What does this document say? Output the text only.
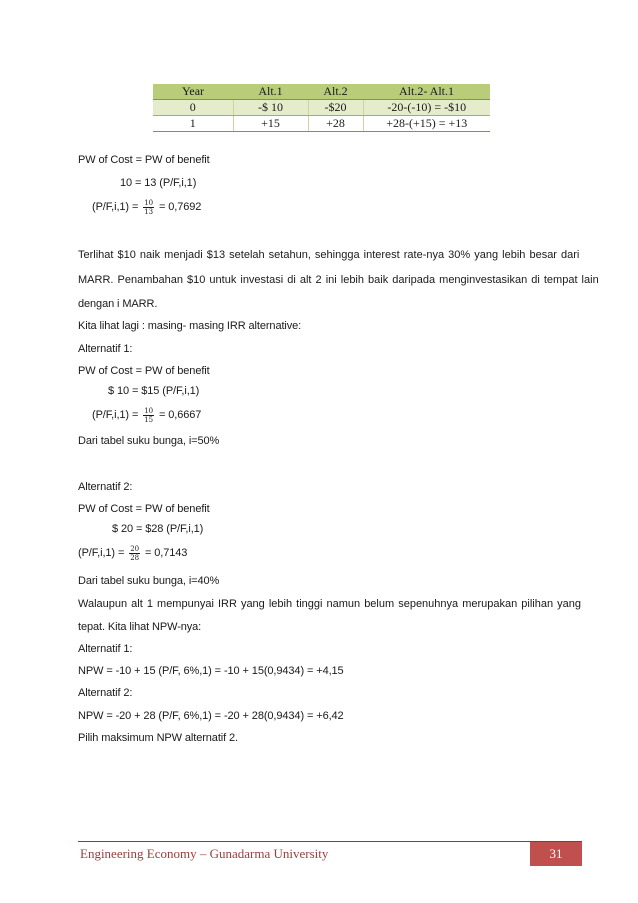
Year	Alt.1	Alt.2	Alt.2- Alt.1
0	-$ 10	-$20	-20-(-10) = -$10
1	+15	+28	+28-(+15) = +13
PW of Cost = PW of benefit
10 = 13 (P/F,i,1)
$(P/F,i,1) = \frac{10}{13} = 0,7692$
Terlihat $10 naik menjadi $13 setelah setahun, sehingga interest rate-nya 30% yang lebih besar dari
MARR. Penambahan $10 untuk investasi di alt 2 ini lebih baik daripada menginvestasikan di tempat lain
dengan i MARR.
Kita lihat lagi : masing- masing IRR alternative:
Alternatif 1:
PW of Cost = PW of benefit
$ 10 = $15 (P/F,i,1)
$(P/F,i,1) = \frac{10}{15} = 0,6667$
Dari tabel suku bunga, i=50%
Alternatif 2:
PW of Cost = PW of benefit
$ 20 = $28 (P/F,i,1)
$(P/F,i,1) = \frac{20}{28} = 0,7143$
Dari tabel suku bunga, i=40%
Walaupun alt 1 mempunyai IRR yang lebih tinggi namun belum sepenuhnya merupakan pilihan yang
tepat. Kita lihat NPW-nya:
Alternatif 1:
NPW = -10 + 15 (P/F, 6%,1) = -10 + 15(0,9434) = +4,15
Alternatif 2:
NPW = -20 + 28 (P/F, 6%,1) = -20 + 28(0,9434) = +6,42
Pilih maksimum NPW alternatif 2.
Engineering Economy – Gunadarma University	31
